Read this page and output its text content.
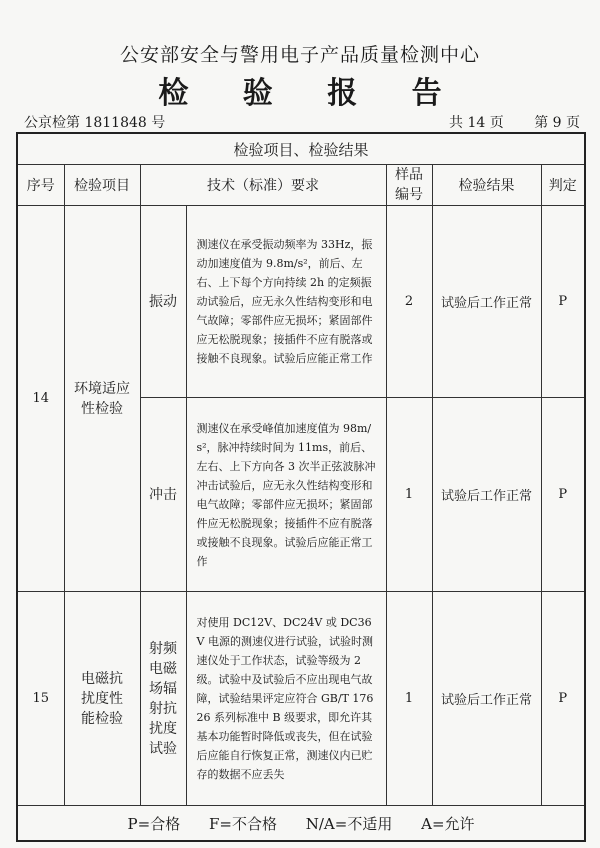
公安部安全与警用电子产品质量检测中心
检 验 报 告
公京检第 1811848 号	共 14 页 第 9 页
检验项目、检验结果						
序号	检验项目	技术（标准）要求		样品编号	检验结果	判定
14	环境适应性检验	振动	测速仪在承受振动频率为 33Hz，振动加速度值为 9.8m/s²，前后、左右、上下每个方向持续 2h 的定频振动试验后，应无永久性结构变形和电气故障；零部件应无损坏；紧固部件应无松脱现象；接插件不应有脱落或接触不良现象。试验后应能正常工作	2	试验后工作正常	P
		冲击	测速仪在承受峰值加速度值为 98m/s²，脉冲持续时间为 11ms，前后、左右、上下方向各 3 次半正弦波脉冲冲击试验后，应无永久性结构变形和电气故障；零部件应无损坏；紧固部件应无松脱现象；接插件不应有脱落或接触不良现象。试验后应能正常工作	1	试验后工作正常	P
15	电磁抗扰度性能检验	射频电磁场辐射抗扰度试验	对使用 DC12V、DC24V 或 DC36V 电源的测速仪进行试验，试验时测速仪处于工作状态，试验等级为 2 级。试验中及试验后不应出现电气故障，试验结果评定应符合 GB/T 17626 系列标准中 B 级要求，即允许其基本功能暂时降低或丧失，但在试验后应能自行恢复正常，测速仪内已贮存的数据不应丢失	1	试验后工作正常	P
P=合格 F=不合格 N/A=不适用 A=允许						
